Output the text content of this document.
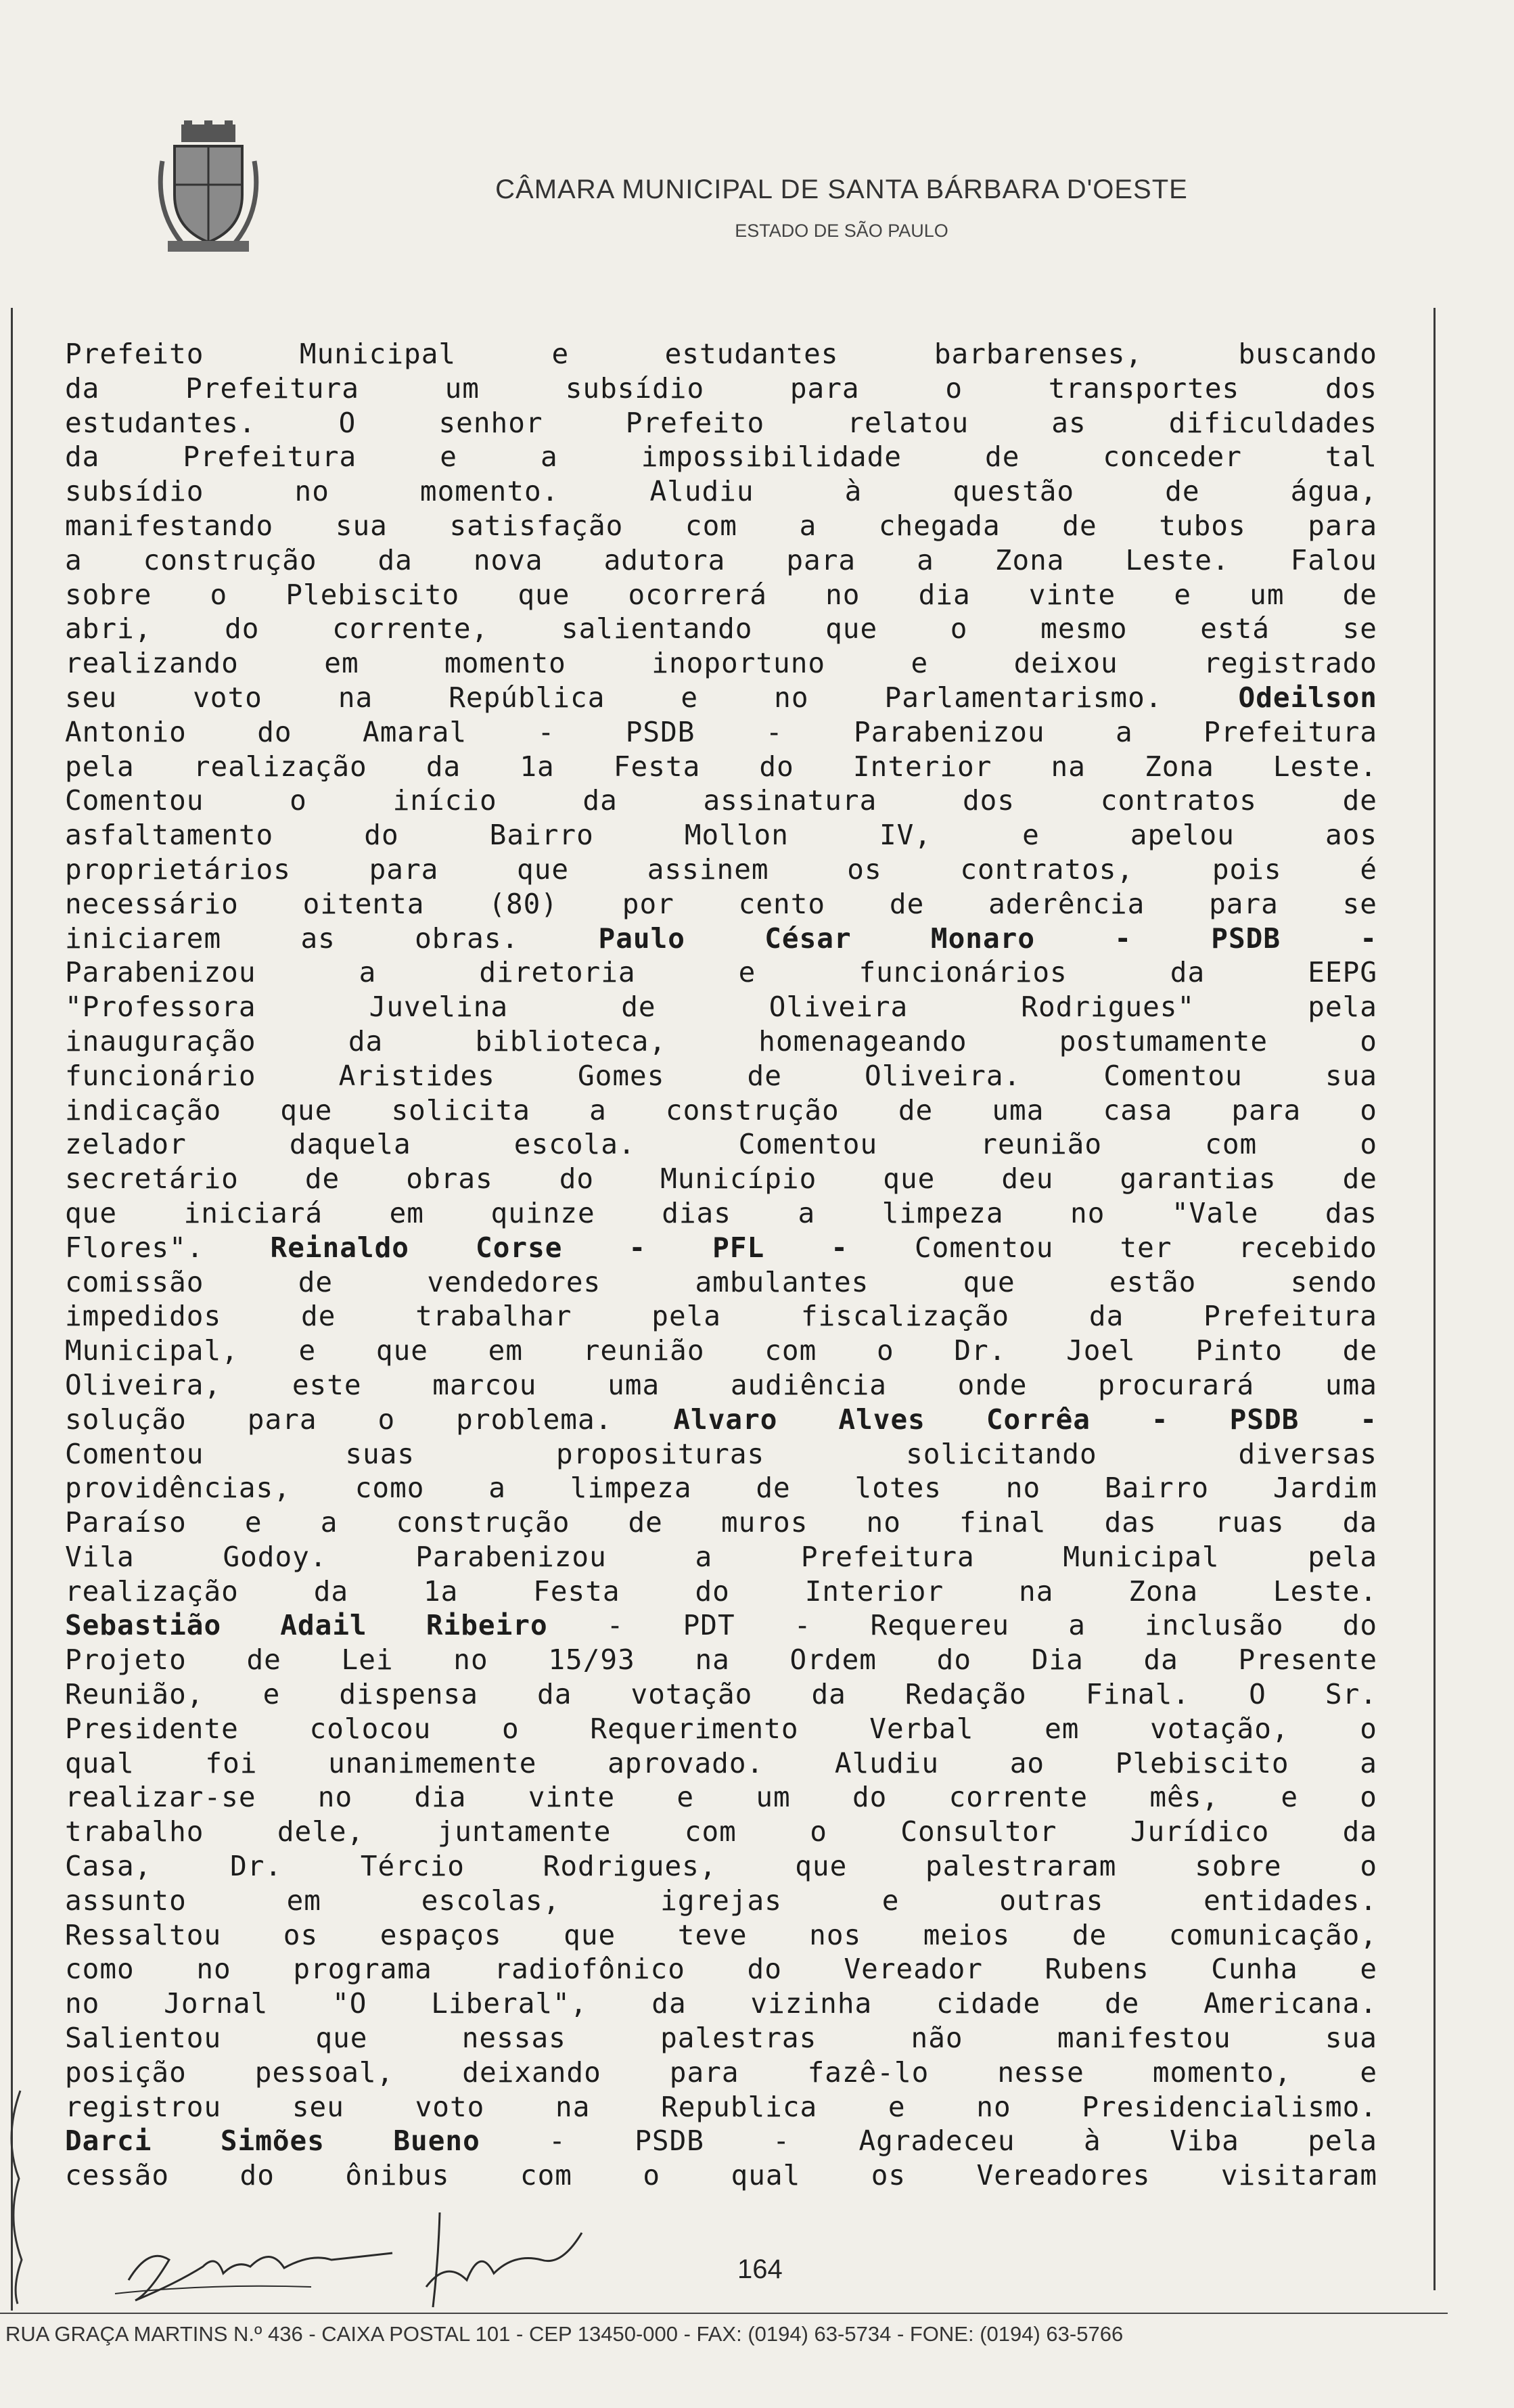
CÂMARA MUNICIPAL DE SANTA BÁRBARA D'OESTE
ESTADO DE SÃO PAULO
Prefeito Municipal e estudantes barbarenses, buscando
da Prefeitura um subsídio para o transportes dos
estudantes. O senhor Prefeito relatou as dificuldades
da Prefeitura e a impossibilidade de conceder tal
subsídio no momento. Aludiu à questão de água,
manifestando sua satisfação com a chegada de tubos para
a construção da nova adutora para a Zona Leste. Falou
sobre o Plebiscito que ocorrerá no dia vinte e um de
abri, do corrente, salientando que o mesmo está se
realizando em momento inoportuno e deixou registrado
seu voto na República e no Parlamentarismo.	Odeilson
Antonio do Amaral - PSDB - Parabenizou a Prefeitura
pela realização da 1a Festa do Interior na Zona Leste.
Comentou o início da assinatura dos contratos de
asfaltamento do Bairro Mollon IV, e apelou aos
proprietários para que assinem os contratos, pois é
necessário oitenta (80) por cento de aderência para se
iniciarem as obras.	Paulo César Monaro - PSDB -
Parabenizou a diretoria e funcionários da EEPG
"Professora Juvelina de Oliveira Rodrigues" pela
inauguração da biblioteca, homenageando postumamente o
funcionário Aristides Gomes de Oliveira. Comentou sua
indicação que solicita a construção de uma casa para o
zelador daquela escola. Comentou reunião com o
secretário de obras do Município que deu garantias de
que iniciará em quinze dias a limpeza no "Vale das
Flores". Reinaldo Corse - PFL - Comentou ter recebido
comissão de vendedores ambulantes que estão sendo
impedidos de trabalhar pela fiscalização da Prefeitura
Municipal, e que em reunião com o Dr. Joel Pinto de
Oliveira, este marcou uma audiência onde procurará uma
solução para o problema. Alvaro Alves Corrêa - PSDB -
Comentou suas proposituras solicitando diversas
providências, como a limpeza de lotes no Bairro Jardim
Paraíso e a construção de muros no final das ruas da
Vila Godoy. Parabenizou a Prefeitura Municipal pela
realização da 1a Festa do Interior na Zona Leste.
Sebastião Adail Ribeiro - PDT - Requereu a inclusão do
Projeto de Lei no 15/93 na Ordem do Dia da Presente
Reunião, e dispensa da votação da Redação Final. O Sr.
Presidente colocou o Requerimento Verbal em votação, o
qual foi unanimemente aprovado. Aludiu ao Plebiscito a
realizar-se no dia vinte e um do corrente mês, e o
trabalho dele, juntamente com o Consultor Jurídico da
Casa, Dr. Tércio Rodrigues, que palestraram sobre o
assunto em escolas, igrejas e outras entidades.
Ressaltou os espaços que teve nos meios de comunicação,
como no programa radiofônico do Vereador Rubens Cunha e
no Jornal "O Liberal", da vizinha cidade de Americana.
Salientou que nessas palestras não manifestou sua
posição pessoal, deixando para fazê-lo nesse momento, e
registrou seu voto na Republica e no Presidencialismo.
Darci Simões Bueno - PSDB - Agradeceu à Viba pela
cessão do ônibus com o qual os Vereadores visitaram
164
RUA GRAÇA MARTINS N.º 436 - CAIXA POSTAL 101 - CEP 13450-000 - FAX: (0194) 63-5734 - FONE: (0194) 63-5766
